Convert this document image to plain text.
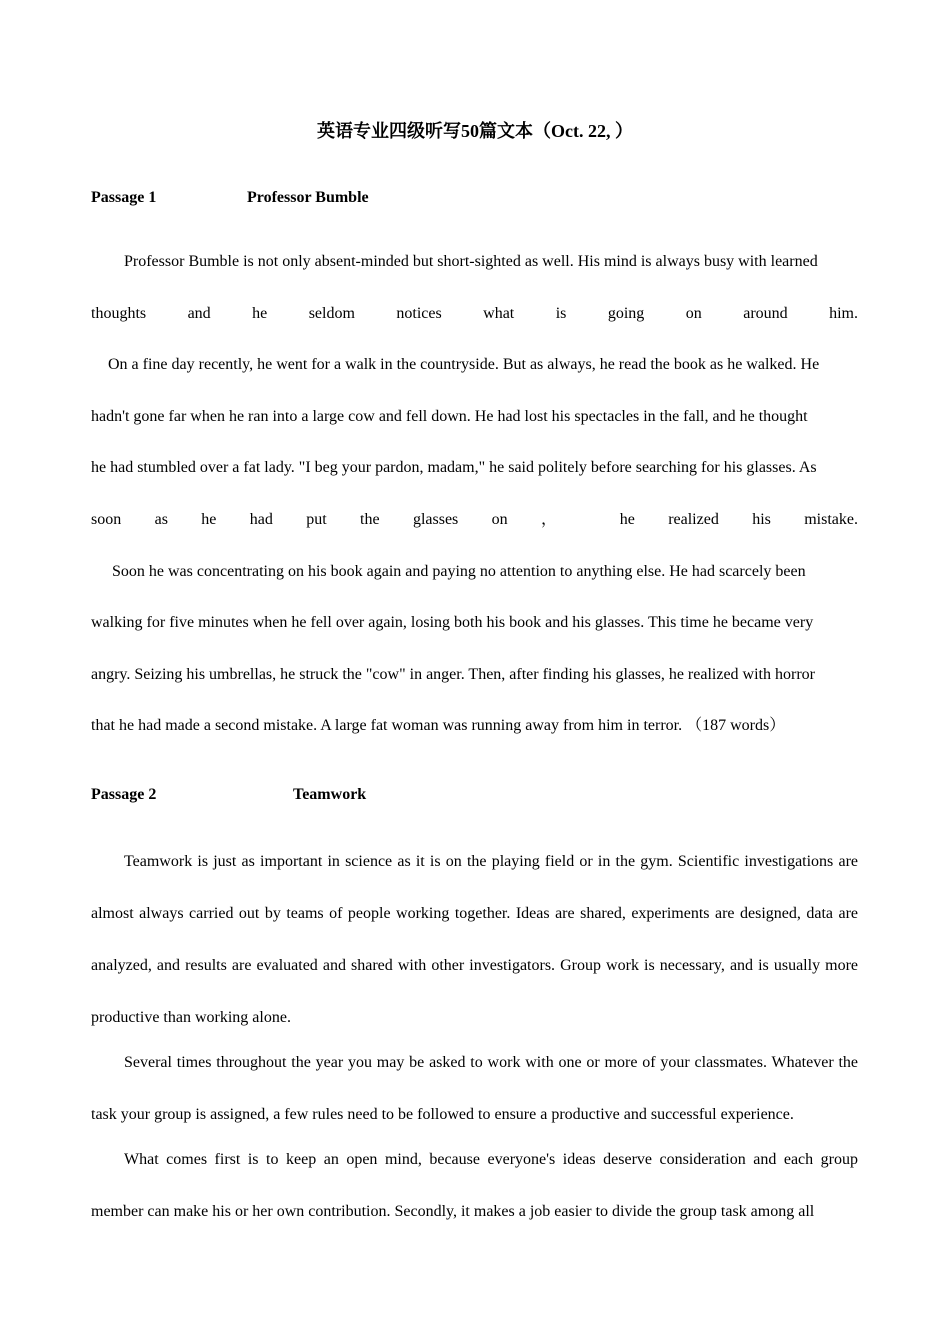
英语专业四级听写50篇文本（Oct. 22, ）
Passage 1	Professor Bumble
Professor Bumble is not only absent-minded but short-sighted as well. His mind is always busy with learned
thoughts and he seldom notices what is going on around him.
On a fine day recently, he went for a walk in the countryside. But as always, he read the book as he walked. He
hadn't gone far when he ran into a large cow and fell down. He had lost his spectacles in the fall, and he thought
he had stumbled over a fat lady. "I beg your pardon, madam," he said politely before searching for his glasses. As
soon as he had put the glasses on ， he realized his mistake.
Soon he was concentrating on his book again and paying no attention to anything else. He had scarcely been
walking for five minutes when he fell over again, losing both his book and his glasses. This time he became very
angry. Seizing his umbrellas, he struck the "cow" in anger. Then, after finding his glasses, he realized with horror
that he had made a second mistake. A large fat woman was running away from him in terror. （187 words）
Passage 2	Teamwork

Teamwork is just as important in science as it is on the playing field or in the gym. Scientific investigations are almost always carried out by teams of people working together. Ideas are shared, experiments are designed, data are analyzed, and results are evaluated and shared with other investigators. Group work is necessary, and is usually more productive than working alone.

Several times throughout the year you may be asked to work with one or more of your classmates. Whatever the task your group is assigned, a few rules need to be followed to ensure a productive and successful experience.

What comes first is to keep an open mind, because everyone's ideas deserve consideration and each group member can make his or her own contribution. Secondly, it makes a job easier to divide the group task among all
